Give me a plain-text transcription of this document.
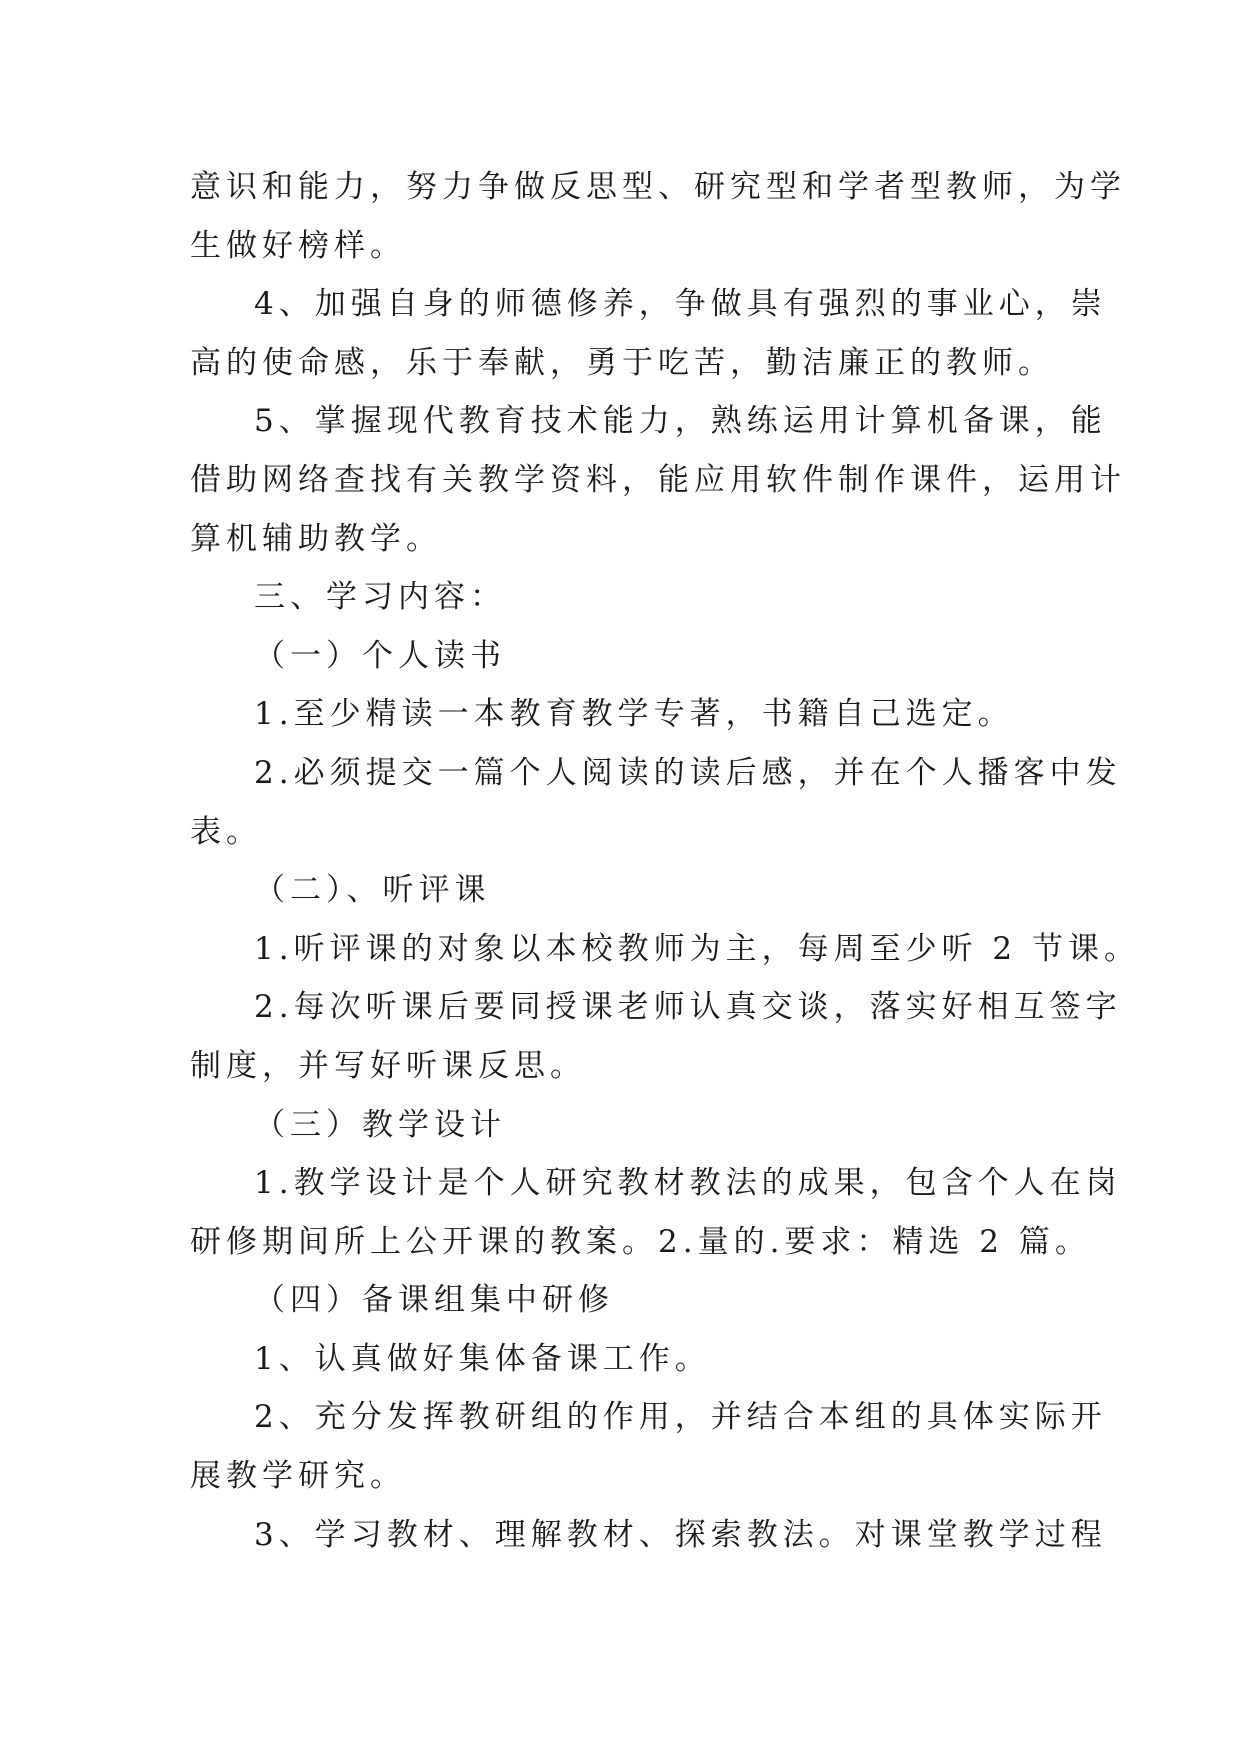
意识和能力，努力争做反思型、研究型和学者型教师，为学

生做好榜样。

4、加强自身的师德修养，争做具有强烈的事业心，崇

高的使命感，乐于奉献，勇于吃苦，勤洁廉正的教师。

5、掌握现代教育技术能力，熟练运用计算机备课，能

借助网络查找有关教学资料，能应用软件制作课件，运用计

算机辅助教学。

三、学习内容：

（一）个人读书

1.至少精读一本教育教学专著，书籍自己选定。

2.必须提交一篇个人阅读的读后感，并在个人播客中发

表。

（二）、听评课

1.听评课的对象以本校教师为主，每周至少听 2 节课。

2.每次听课后要同授课老师认真交谈，落实好相互签字

制度，并写好听课反思。

（三）教学设计

1.教学设计是个人研究教材教法的成果，包含个人在岗

研修期间所上公开课的教案。2.量的.要求：精选 2 篇。

（四）备课组集中研修

1、认真做好集体备课工作。

2、充分发挥教研组的作用，并结合本组的具体实际开

展教学研究。

3、学习教材、理解教材、探索教法。对课堂教学过程
